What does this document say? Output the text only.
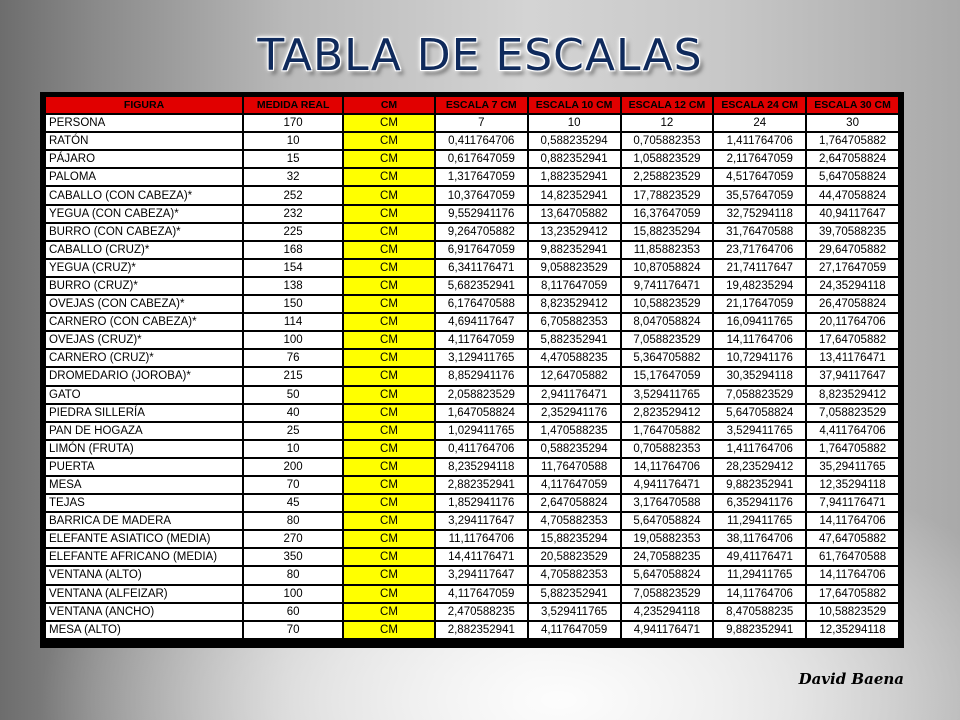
TABLA DE ESCALAS
FIGURA	MEDIDA REAL	CM	ESCALA 7 CM	ESCALA 10 CM	ESCALA 12 CM	ESCALA 24 CM	ESCALA 30 CM
PERSONA	170	CM	7	10	12	24	30
RATÓN	10	CM	0,411764706	0,588235294	0,705882353	1,411764706	1,764705882
PÁJARO	15	CM	0,617647059	0,882352941	1,058823529	2,117647059	2,647058824
PALOMA	32	CM	1,317647059	1,882352941	2,258823529	4,517647059	5,647058824
CABALLO (CON CABEZA)*	252	CM	10,37647059	14,82352941	17,78823529	35,57647059	44,47058824
YEGUA (CON CABEZA)*	232	CM	9,552941176	13,64705882	16,37647059	32,75294118	40,94117647
BURRO (CON CABEZA)*	225	CM	9,264705882	13,23529412	15,88235294	31,76470588	39,70588235
CABALLO (CRUZ)*	168	CM	6,917647059	9,882352941	11,85882353	23,71764706	29,64705882
YEGUA (CRUZ)*	154	CM	6,341176471	9,058823529	10,87058824	21,74117647	27,17647059
BURRO (CRUZ)*	138	CM	5,682352941	8,117647059	9,741176471	19,48235294	24,35294118
OVEJAS (CON CABEZA)*	150	CM	6,176470588	8,823529412	10,58823529	21,17647059	26,47058824
CARNERO (CON CABEZA)*	114	CM	4,694117647	6,705882353	8,047058824	16,09411765	20,11764706
OVEJAS (CRUZ)*	100	CM	4,117647059	5,882352941	7,058823529	14,11764706	17,64705882
CARNERO (CRUZ)*	76	CM	3,129411765	4,470588235	5,364705882	10,72941176	13,41176471
DROMEDARIO (JOROBA)*	215	CM	8,852941176	12,64705882	15,17647059	30,35294118	37,94117647
GATO	50	CM	2,058823529	2,941176471	3,529411765	7,058823529	8,823529412
PIEDRA SILLERÍA	40	CM	1,647058824	2,352941176	2,823529412	5,647058824	7,058823529
PAN DE HOGAZA	25	CM	1,029411765	1,470588235	1,764705882	3,529411765	4,411764706
LIMÓN (FRUTA)	10	CM	0,411764706	0,588235294	0,705882353	1,411764706	1,764705882
PUERTA	200	CM	8,235294118	11,76470588	14,11764706	28,23529412	35,29411765
MESA	70	CM	2,882352941	4,117647059	4,941176471	9,882352941	12,35294118
TEJAS	45	CM	1,852941176	2,647058824	3,176470588	6,352941176	7,941176471
BARRICA DE MADERA	80	CM	3,294117647	4,705882353	5,647058824	11,29411765	14,11764706
ELEFANTE ASIATICO (MEDIA)	270	CM	11,11764706	15,88235294	19,05882353	38,11764706	47,64705882
ELEFANTE AFRICANO (MEDIA)	350	CM	14,41176471	20,58823529	24,70588235	49,41176471	61,76470588
VENTANA (ALTO)	80	CM	3,294117647	4,705882353	5,647058824	11,29411765	14,11764706
VENTANA (ALFEIZAR)	100	CM	4,117647059	5,882352941	7,058823529	14,11764706	17,64705882
VENTANA (ANCHO)	60	CM	2,470588235	3,529411765	4,235294118	8,470588235	10,58823529
MESA (ALTO)	70	CM	2,882352941	4,117647059	4,941176471	9,882352941	12,35294118
David Baena
